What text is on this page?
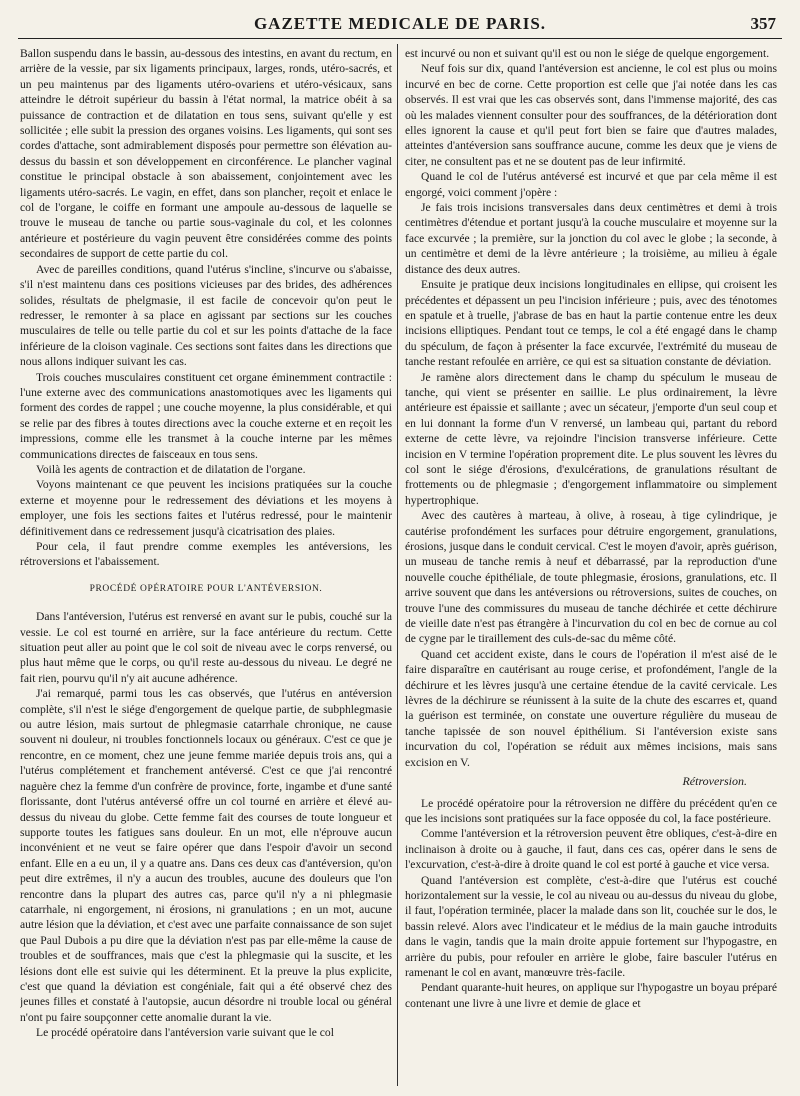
GAZETTE MEDICALE DE PARIS.	357

Ballon suspendu dans le bassin, au-dessous des intestins, en avant du rectum, en arrière de la vessie, par six ligaments principaux, larges, ronds, utéro-sacrés, et un peu maintenus par des ligaments utéro-ovariens et utéro-vésicaux, sans atteindre le détroit supérieur du bassin à l'état normal, la matrice obéit à sa puissance de contraction et de dilatation en tous sens, suivant qu'elle y est sollicitée ; elle subit la pression des organes voisins. Les ligaments, qui sont ses cordes d'attache, sont admirablement disposés pour permettre son élévation au-dessus du bassin et son développement en circonférence. Le plancher vaginal constitue le principal obstacle à son abaissement, conjointement avec les ligaments utéro-sacrés. Le vagin, en effet, dans son plancher, reçoit et enlace le col de l'organe, le coiffe en formant une ampoule au-dessous de laquelle se trouve le museau de tanche ou partie sous-vaginale du col, et les colonnes antérieure et postérieure du vagin peuvent être considérées comme des points secondaires de support de cette partie du col.

Avec de pareilles conditions, quand l'utérus s'incline, s'incurve ou s'abaisse, s'il n'est maintenu dans ces positions vicieuses par des brides, des adhérences solides, résultats de phelgmasie, il est facile de concevoir qu'on peut le redresser, le remonter à sa place en agissant par sections sur les couches musculaires de telle ou telle partie du col et sur les points d'attache de la face inférieure de la cloison vaginale. Ces sections sont faites dans les directions que nous allons indiquer suivant les cas.

Trois couches musculaires constituent cet organe éminemment contractile : l'une externe avec des communications anastomotiques avec les ligaments qui forment des cordes de rappel ; une couche moyenne, la plus considérable, et qui se relie par des fibres à toutes directions avec la couche externe et en reçoit les impressions, comme elle les transmet à la couche interne par les mêmes communications directes de faisceaux en tous sens.

Voilà les agents de contraction et de dilatation de l'organe.

Voyons maintenant ce que peuvent les incisions pratiquées sur la couche externe et moyenne pour le redressement des déviations et les moyens à employer, une fois les sections faites et l'utérus redressé, pour le maintenir définitivement dans ce redressement jusqu'à cicatrisation des plaies.

Pour cela, il faut prendre comme exemples les antéversions, les rétroversions et l'abaissement.

PROCÉDÉ OPÉRATOIRE POUR L'ANTÉVERSION.

Dans l'antéversion, l'utérus est renversé en avant sur le pubis, couché sur la vessie. Le col est tourné en arrière, sur la face antérieure du rectum. Cette situation peut aller au point que le col soit de niveau avec le corps renversé, ou plus haut même que le corps, ou qu'il reste au-dessous du niveau. Le degré ne fait rien, pourvu qu'il n'y ait aucune adhérence.

J'ai remarqué, parmi tous les cas observés, que l'utérus en antéversion complète, s'il n'est le siége d'engorgement de quelque partie, de subphlegmasie ou autre lésion, mais surtout de phlegmasie catarrhale chronique, ne cause souvent ni douleur, ni troubles fonctionnels locaux ou généraux. C'est ce que je rencontre, en ce moment, chez une jeune femme mariée depuis trois ans, qui a l'utérus complétement et franchement antéversé. C'est ce que j'ai rencontré naguère chez la femme d'un confrère de province, forte, ingambe et d'une santé florissante, dont l'utérus antéversé offre un col tourné en arrière et élevé au-dessus du niveau du globe. Cette femme fait des courses de toute longueur et supporte toutes les fatigues sans douleur. En un mot, elle n'éprouve aucun inconvénient et ne veut se faire opérer que dans l'espoir d'avoir un second enfant. Elle en a eu un, il y a quatre ans. Dans ces deux cas d'antéversion, qu'on peut dire extrêmes, il n'y a aucun des troubles, aucune des douleurs que l'on rencontre dans la plupart des autres cas, parce qu'il n'y a ni phlegmasie catarrhale, ni engorgement, ni érosions, ni granulations ; en un mot, aucune autre lésion que la déviation, et c'est avec une parfaite connaissance de son sujet que Paul Dubois a pu dire que la déviation n'est pas par elle-même la cause de troubles et de souffrances, mais que c'est la phlegmasie qui la suscite, et les lésions dont elle est suivie qui les déterminent. Et la preuve la plus explicite, c'est que quand la déviation est congéniale, fait qui a été observé chez des jeunes filles et constaté à l'autopsie, aucun désordre ni trouble local ou général n'ont pu faire soupçonner cette anomalie durant la vie.

Le procédé opératoire dans l'antéversion varie suivant que le col

est incurvé ou non et suivant qu'il est ou non le siége de quelque engorgement.

Neuf fois sur dix, quand l'antéversion est ancienne, le col est plus ou moins incurvé en bec de corne. Cette proportion est celle que j'ai notée dans les cas observés. Il est vrai que les cas observés sont, dans l'immense majorité, des cas où les malades viennent consulter pour des souffrances, de la détérioration dont elles ignorent la cause et qu'il peut fort bien se faire que d'autres malades, atteintes d'antéversion sans souffrance aucune, comme les deux que je viens de citer, ne consultent pas et ne se doutent pas de leur infirmité.

Quand le col de l'utérus antéversé est incurvé et que par cela même il est engorgé, voici comment j'opère :

Je fais trois incisions transversales dans deux centimètres et demi à trois centimètres d'étendue et portant jusqu'à la couche musculaire et moyenne sur la face excurvée ; la première, sur la jonction du col avec le globe ; la seconde, à un centimètre et demi de la lèvre antérieure ; la troisième, au milieu à égale distance des deux autres.

Ensuite je pratique deux incisions longitudinales en ellipse, qui croisent les précédentes et dépassent un peu l'incision inférieure ; puis, avec des ténotomes en spatule et à truelle, j'abrase de bas en haut la partie contenue entre les deux incisions elliptiques. Pendant tout ce temps, le col a été engagé dans le champ du spéculum, de façon à présenter la face excurvée, l'extrémité du museau de tanche restant refoulée en arrière, ce qui est sa situation constante de déviation.

Je ramène alors directement dans le champ du spéculum le museau de tanche, qui vient se présenter en saillie. Le plus ordinairement, la lèvre antérieure est épaissie et saillante ; avec un sécateur, j'emporte d'un seul coup et en lui donnant la forme d'un V renversé, un lambeau qui, partant du rebord externe de cette lèvre, va rejoindre l'incision transverse inférieure. Cette incision en V termine l'opération proprement dite. Le plus souvent les lèvres du col sont le siége d'érosions, d'exulcérations, de granulations résultant de frottements ou de phlegmasie ; d'engorgement inflammatoire ou simplement hypertrophique.

Avec des cautères à marteau, à olive, à roseau, à tige cylindrique, je cautérise profondément les surfaces pour détruire engorgement, granulations, érosions, jusque dans le conduit cervical. C'est le moyen d'avoir, après guérison, un museau de tanche remis à neuf et débarrassé, par la reproduction d'une nouvelle couche épithéliale, de toute phlegmasie, érosions, granulations, etc. Il arrive souvent que dans les antéversions ou rétroversions, suites de couches, on trouve l'une des commissures du museau de tanche déchirée et cette déchirure de vieille date n'est pas étrangère à l'incurvation du col en bec de cornue au col de cygne par le tiraillement des culs-de-sac du même côté.

Quand cet accident existe, dans le cours de l'opération il m'est aisé de le faire disparaître en cautérisant au rouge cerise, et profondément, l'angle de la déchirure et les lèvres jusqu'à une certaine étendue de la cavité cervicale. Les lèvres de la déchirure se réunissent à la suite de la chute des escarres et, quand la guérison est terminée, on constate une ouverture régulière du museau de tanche tapissée de son nouvel épithélium. Si l'antéversion existe sans incurvation du col, l'opération se réduit aux mêmes incisions, mais sans excision en V.

Rétroversion.

Le procédé opératoire pour la rétroversion ne diffère du précédent qu'en ce que les incisions sont pratiquées sur la face opposée du col, la face postérieure.

Comme l'antéversion et la rétroversion peuvent être obliques, c'est-à-dire en inclinaison à droite ou à gauche, il faut, dans ces cas, opérer dans le sens de l'excurvation, c'est-à-dire à droite quand le col est porté à gauche et vice versa.

Quand l'antéversion est complète, c'est-à-dire que l'utérus est couché horizontalement sur la vessie, le col au niveau ou au-dessus du niveau du globe, il faut, l'opération terminée, placer la malade dans son lit, couchée sur le dos, le bassin relevé. Alors avec l'indicateur et le médius de la main gauche introduits dans le vagin, tandis que la main droite appuie fortement sur l'hypogastre, en arrière du pubis, pour refouler en arrière le globe, faire basculer l'utérus en ramenant le col en avant, manœuvre très-facile.

Pendant quarante-huit heures, on applique sur l'hypogastre un boyau préparé contenant une livre à une livre et demie de glace et
